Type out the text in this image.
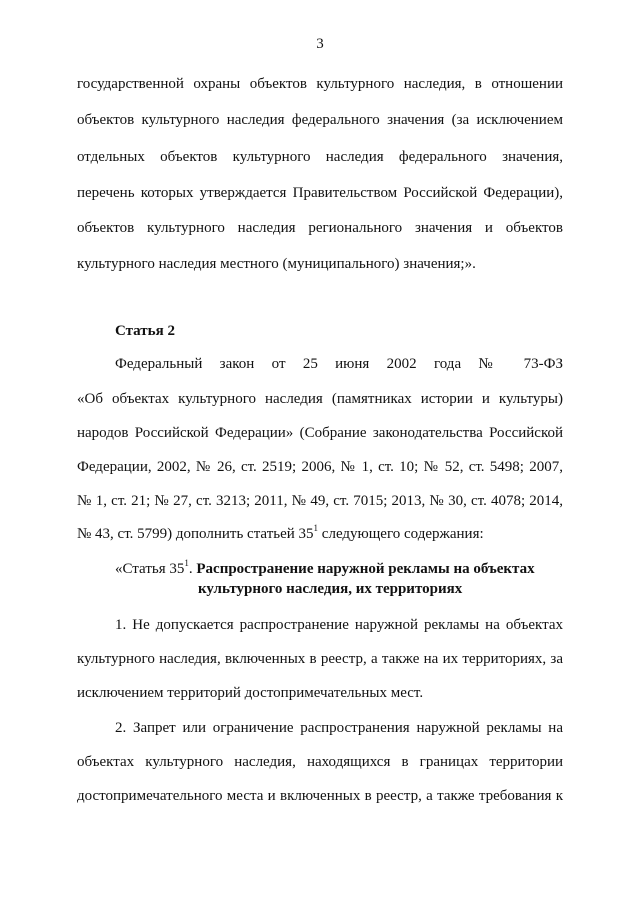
3
государственной охраны объектов культурного наследия, в отношении
объектов культурного наследия федерального значения (за исключением
отдельных объектов культурного наследия федерального значения,
перечень которых утверждается Правительством Российской Федерации),
объектов культурного наследия регионального значения и объектов
культурного наследия местного (муниципального) значения;».
Статья 2
Федеральный закон от 25 июня 2002 года № 73-ФЗ
«Об объектах культурного наследия (памятниках истории и культуры)
народов Российской Федерации» (Собрание законодательства Российской
Федерации, 2002, № 26, ст. 2519; 2006, № 1, ст. 10; № 52, ст. 5498; 2007,
№ 1, ст. 21; № 27, ст. 3213; 2011, № 49, ст. 7015; 2013, № 30, ст. 4078; 2014,
№ 43, ст. 5799) дополнить статьей $35^1$ следующего содержания:
«Статья $35^1$. Распространение наружной рекламы на объектах
культурного наследия, их территориях
1. Не допускается распространение наружной рекламы на объектах
культурного наследия, включенных в реестр, а также на их территориях, за
исключением территорий достопримечательных мест.
2. Запрет или ограничение распространения наружной рекламы на
объектах культурного наследия, находящихся в границах территории
достопримечательного места и включенных в реестр, а также требования к
